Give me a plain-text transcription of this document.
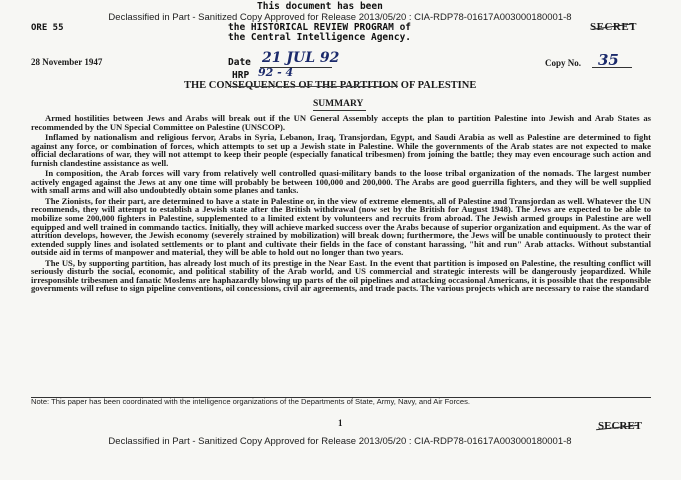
This document has been
Declassified in Part - Sanitized Copy Approved for Release 2013/05/20 : CIA-RDP78-01617A003000180001-8
ORE 55	the HISTORICAL REVIEW PROGRAM of
the Central Intelligence Agency.
SECRET
28 November 1947	Date 21 JUL 92	Copy No. 35
HRP 92 - 4
THE CONSEQUENCES OF THE PARTITION OF PALESTINE
SUMMARY

Armed hostilities between Jews and Arabs will break out if the UN General Assembly accepts the plan to partition Palestine into Jewish and Arab States as recommended by the UN Special Committee on Palestine (UNSCOP).

Inflamed by nationalism and religious fervor, Arabs in Syria, Lebanon, Iraq, Transjordan, Egypt, and Saudi Arabia as well as Palestine are determined to fight against any force, or combination of forces, which attempts to set up a Jewish state in Palestine. While the governments of the Arab states are not expected to make official declarations of war, they will not attempt to keep their people (especially fanatical tribesmen) from joining the battle; they may even encourage such action and furnish clandestine assistance as well.

In composition, the Arab forces will vary from relatively well controlled quasi-military bands to the loose tribal organization of the nomads. The largest number actively engaged against the Jews at any one time will probably be between 100,000 and 200,000. The Arabs are good guerrilla fighters, and they will be well supplied with small arms and will also undoubtedly obtain some planes and tanks.

The Zionists, for their part, are determined to have a state in Palestine or, in the view of extreme elements, all of Palestine and Transjordan as well. Whatever the UN recommends, they will attempt to establish a Jewish state after the British withdrawal (now set by the British for August 1948). The Jews are expected to be able to mobilize some 200,000 fighters in Palestine, supplemented to a limited extent by volunteers and recruits from abroad. The Jewish armed groups in Palestine are well equipped and well trained in commando tactics. Initially, they will achieve marked success over the Arabs because of superior organization and equipment. As the war of attrition develops, however, the Jewish economy (severely strained by mobilization) will break down; furthermore, the Jews will be unable continuously to protect their extended supply lines and isolated settlements or to plant and cultivate their fields in the face of constant harassing, "hit and run" Arab attacks. Without substantial outside aid in terms of manpower and material, they will be able to hold out no longer than two years.

The US, by supporting partition, has already lost much of its prestige in the Near East. In the event that partition is imposed on Palestine, the resulting conflict will seriously disturb the social, economic, and political stability of the Arab world, and US commercial and strategic interests will be dangerously jeopardized. While irresponsible tribesmen and fanatic Moslems are haphazardly blowing up parts of the oil pipelines and attacking occasional Americans, it is possible that the responsible governments will refuse to sign pipeline conventions, oil concessions, civil air agreements, and trade pacts. The various projects which are necessary to raise the standard

Note: This paper has been coordinated with the intelligence organizations of the Departments of State, Army, Navy, and Air Forces.
1	SECRET
Declassified in Part - Sanitized Copy Approved for Release 2013/05/20 : CIA-RDP78-01617A003000180001-8
